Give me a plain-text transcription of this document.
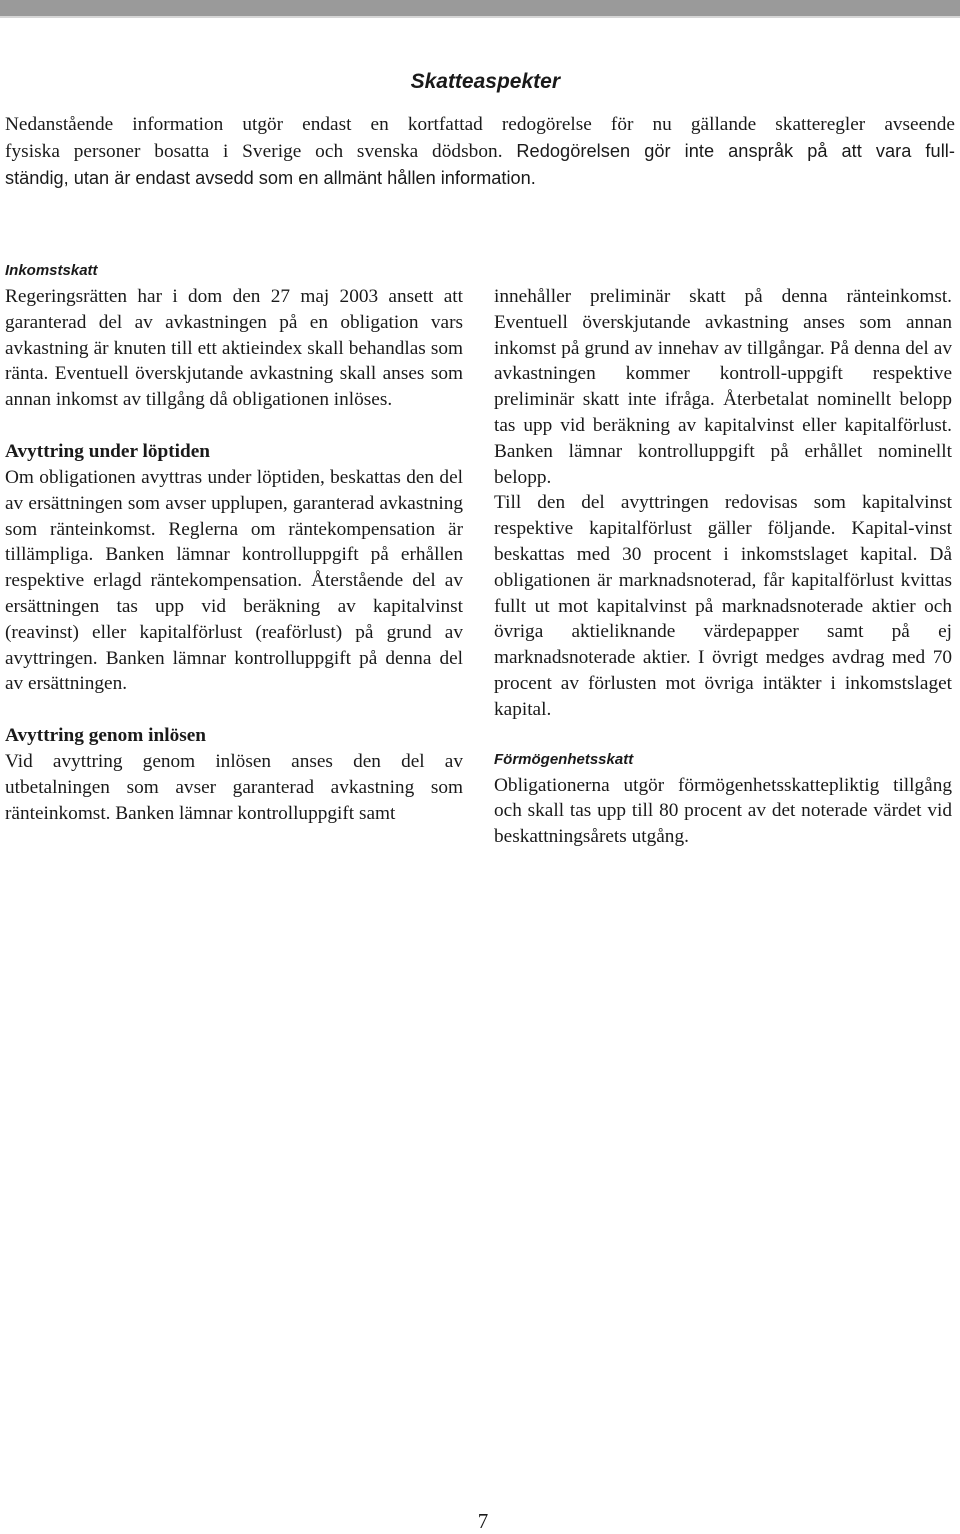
Skatteaspekter

Nedanstående information utgör endast en kortfattad redogörelse för nu gällande skatteregler avseende
fysiska personer bosatta i Sverige och svenska dödsbon. Redogörelsen gör inte anspråk på att vara full-
ständig, utan är endast avsedd som en allmänt hållen information.

Inkomstskatt

Regeringsrätten har i dom den 27 maj 2003 ansett att garanterad del av avkastningen på en obligation vars avkastning är knuten till ett aktieindex skall behandlas som ränta. Eventuell överskjutande avkastning skall anses som annan inkomst av tillgång då obligationen inlöses.

Avyttring under löptiden

Om obligationen avyttras under löptiden, beskattas den del av ersättningen som avser upplupen, garanterad avkastning som ränteinkomst. Reglerna om räntekompensation är tillämpliga. Banken lämnar kontrolluppgift på erhållen respektive erlagd räntekompensation. Återstående del av ersättningen tas upp vid beräkning av kapitalvinst (reavinst) eller kapitalförlust (reaförlust) på grund av avyttringen. Banken lämnar kontrolluppgift på denna del av ersättningen.

Avyttring genom inlösen

Vid avyttring genom inlösen anses den del av utbetalningen som avser garanterad avkastning som ränteinkomst. Banken lämnar kontrolluppgift samt

innehåller preliminär skatt på denna ränteinkomst. Eventuell överskjutande avkastning anses som annan inkomst på grund av innehav av tillgångar. På denna del av avkastningen kommer kontroll-uppgift respektive preliminär skatt inte ifråga. Återbetalat nominellt belopp tas upp vid beräkning av kapitalvinst eller kapitalförlust. Banken lämnar kontrolluppgift på erhållet nominellt belopp.

Till den del avyttringen redovisas som kapitalvinst respektive kapitalförlust gäller följande. Kapital-vinst beskattas med 30 procent i inkomstslaget kapital. Då obligationen är marknadsnoterad, får kapitalförlust kvittas fullt ut mot kapitalvinst på marknadsnoterade aktier och övriga aktieliknande värdepapper samt på ej marknadsnoterade aktier. I övrigt medges avdrag med 70 procent av förlusten mot övriga intäkter i inkomstslaget kapital.

Förmögenhetsskatt

Obligationerna utgör förmögenhetsskattepliktig tillgång och skall tas upp till 80 procent av det noterade värdet vid beskattningsårets utgång.

7
